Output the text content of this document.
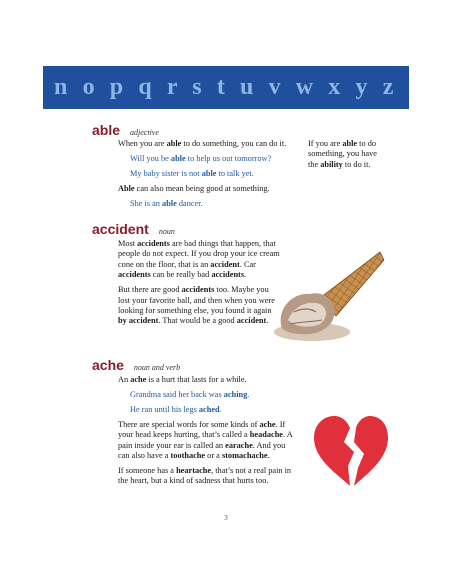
n o p q r s t u v w x y z
able adjective

When you are able to do something, you can do it.

Will you be able to help us out tomorrow?

My baby sister is not able to talk yet.

Able can also mean being good at something.

She is an able dancer.

If you are able to do something, you have the ability to do it.
accident noun

Most accidents are bad things that happen, that people do not expect. If you drop your ice cream cone on the floor, that is an accident. Car accidents can be really bad accidents.

But there are good accidents too. Maybe you lost your favorite ball, and then when you were looking for something else, you found it again by accident. That would be a good accident.

ache noun and verb

An ache is a hurt that lasts for a while.

Grandma said her back was aching.

He ran until his legs ached.

There are special words for some kinds of ache. If your head keeps hurting, that’s called a headache. A pain inside your ear is called an earache. And you can also have a toothache or a stomachache.

If someone has a heartache, that’s not a real pain in the heart, but a kind of sadness that hurts too.

3
